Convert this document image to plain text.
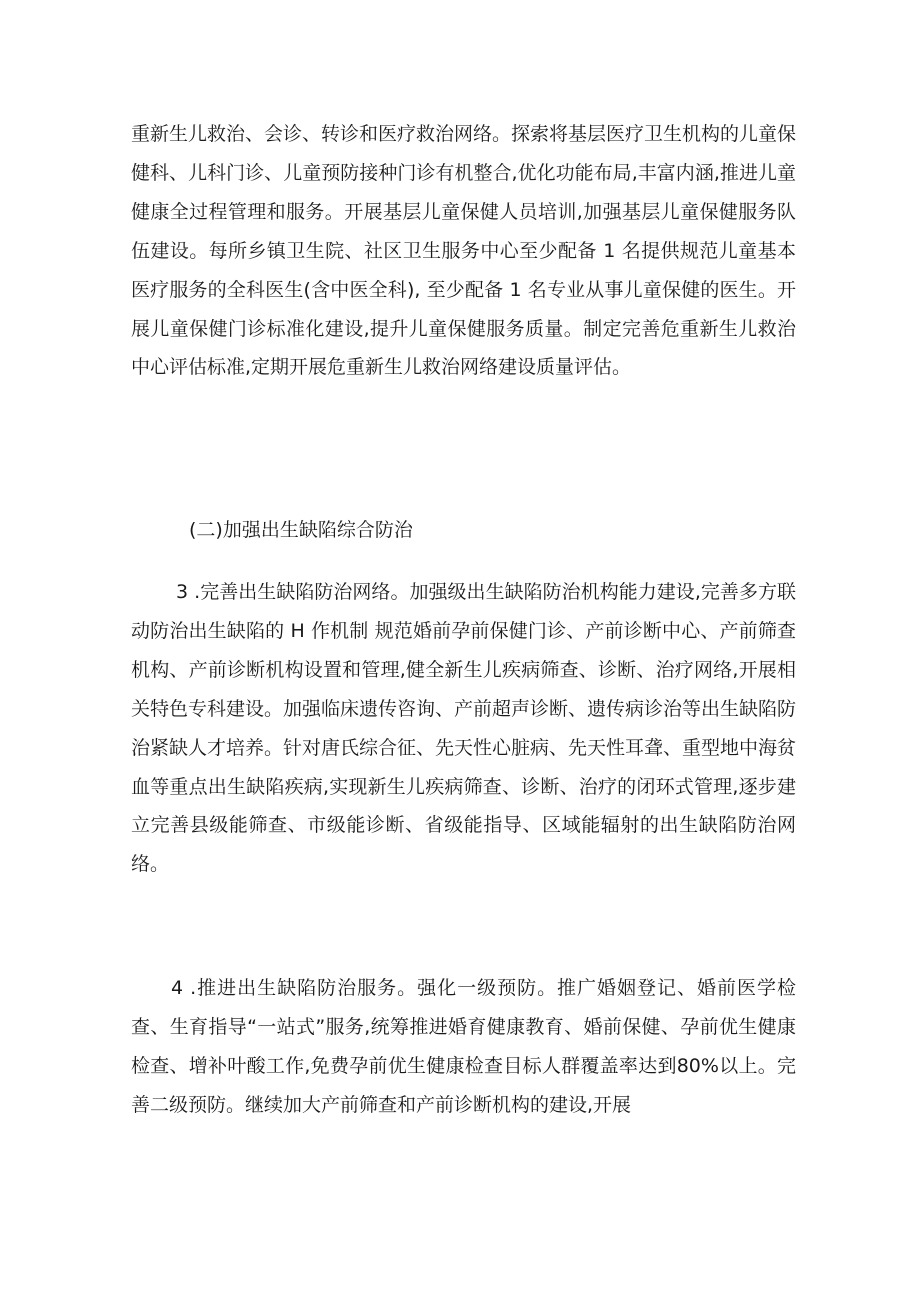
重新生儿救治、会诊、转诊和医疗救治网络。探索将基层医疗卫生机构的儿童保健科、儿科门诊、儿童预防接种门诊有机整合,优化功能布局,丰富内涵,推进儿童健康全过程管理和服务。开展基层儿童保健人员培训,加强基层儿童保健服务队伍建设。每所乡镇卫生院、社区卫生服务中心至少配备 1 名提供规范儿童基本医疗服务的全科医生(含中医全科), 至少配备 1 名专业从事儿童保健的医生。开展儿童保健门诊标准化建设,提升儿童保健服务质量。制定完善危重新生儿救治中心评估标准,定期开展危重新生儿救治网络建设质量评估。

(二)加强出生缺陷综合防治

3 .完善出生缺陷防治网络。加强级出生缺陷防治机构能力建设,完善多方联动防治出生缺陷的 H 作机制 规范婚前孕前保健门诊、产前诊断中心、产前筛查机构、产前诊断机构设置和管理,健全新生儿疾病筛查、诊断、治疗网络,开展相关特色专科建设。加强临床遗传咨询、产前超声诊断、遗传病诊治等出生缺陷防治紧缺人才培养。针对唐氏综合征、先天性心脏病、先天性耳聋、重型地中海贫血等重点出生缺陷疾病,实现新生儿疾病筛查、诊断、治疗的闭环式管理,逐步建立完善县级能筛查、市级能诊断、省级能指导、区域能辐射的出生缺陷防治网络。

4 .推进出生缺陷防治服务。强化一级预防。推广婚姻登记、婚前医学检查、生育指导“一站式”服务,统筹推进婚育健康教育、婚前保健、孕前优生健康检查、增补叶酸工作,免费孕前优生健康检查目标人群覆盖率达到80%以上。完善二级预防。继续加大产前筛查和产前诊断机构的建设,开展
